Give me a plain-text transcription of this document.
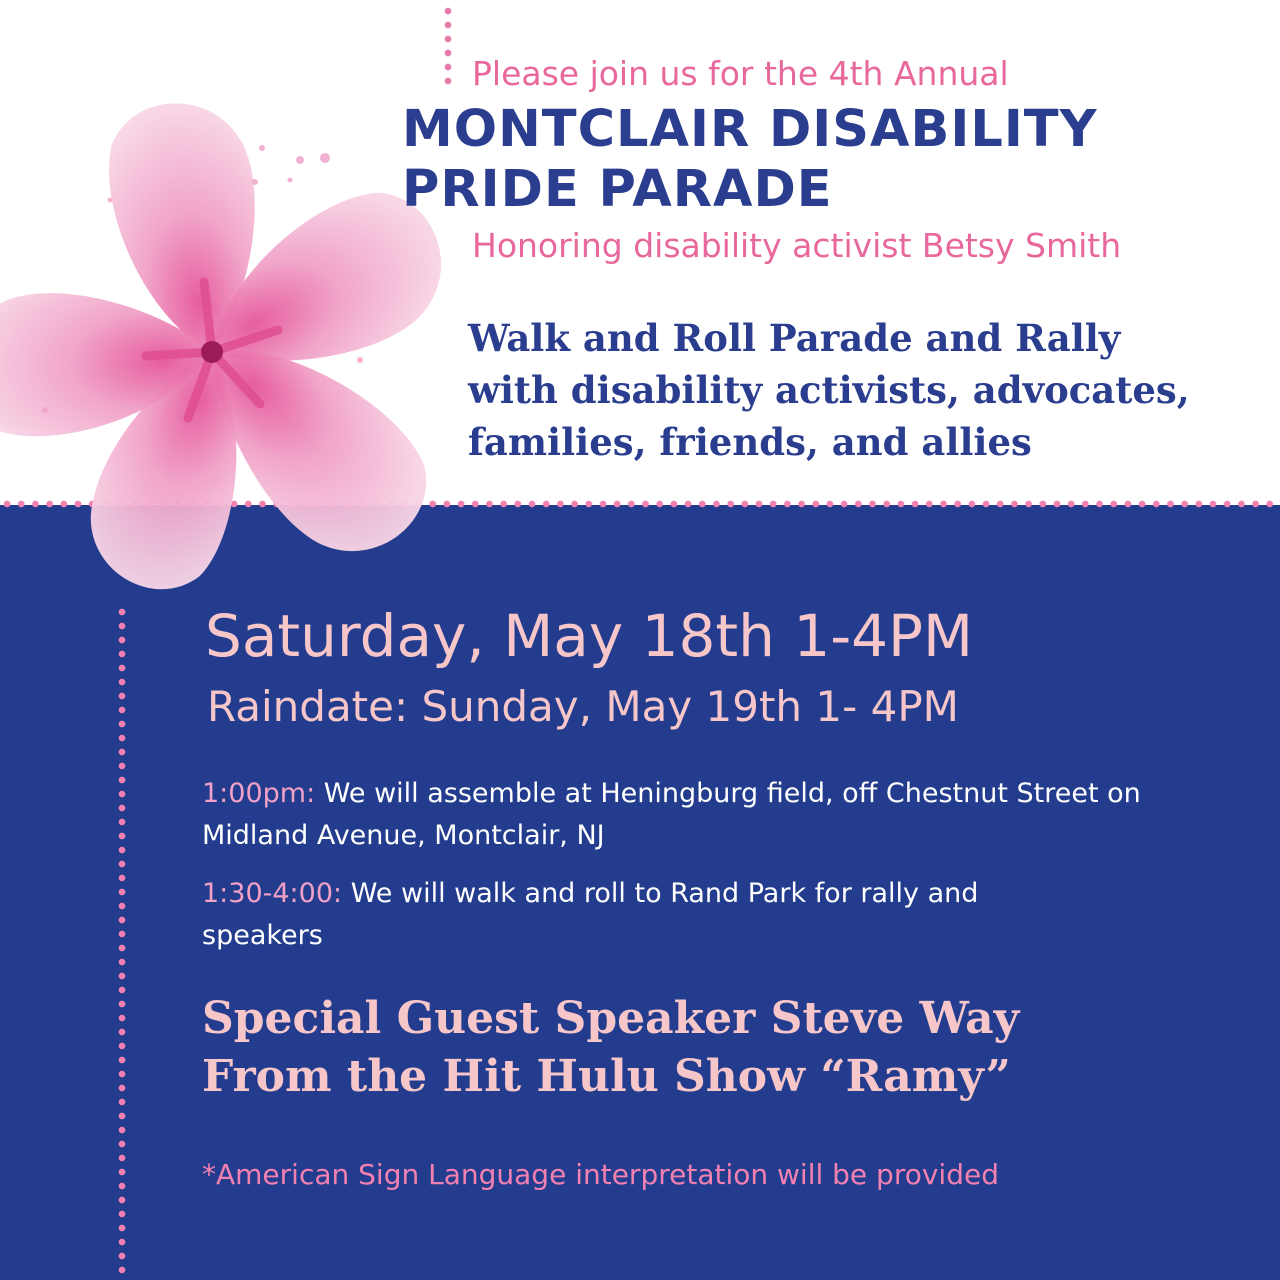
Please join us for the 4th Annual

MONTCLAIR DISABILITY
PRIDE PARADE

Honoring disability activist Betsy Smith

Walk and Roll Parade and Rally
with disability activists, advocates,
families, friends, and allies

Saturday, May 18th 1-4PM

Raindate: Sunday, May 19th 1- 4PM

1:00pm: We will assemble at Heningburg field, off Chestnut Street on Midland Avenue, Montclair, NJ

1:30-4:00: We will walk and roll to Rand Park for rally and speakers

Special Guest Speaker Steve Way
From the Hit Hulu Show “Ramy”

*American Sign Language interpretation will be provided
